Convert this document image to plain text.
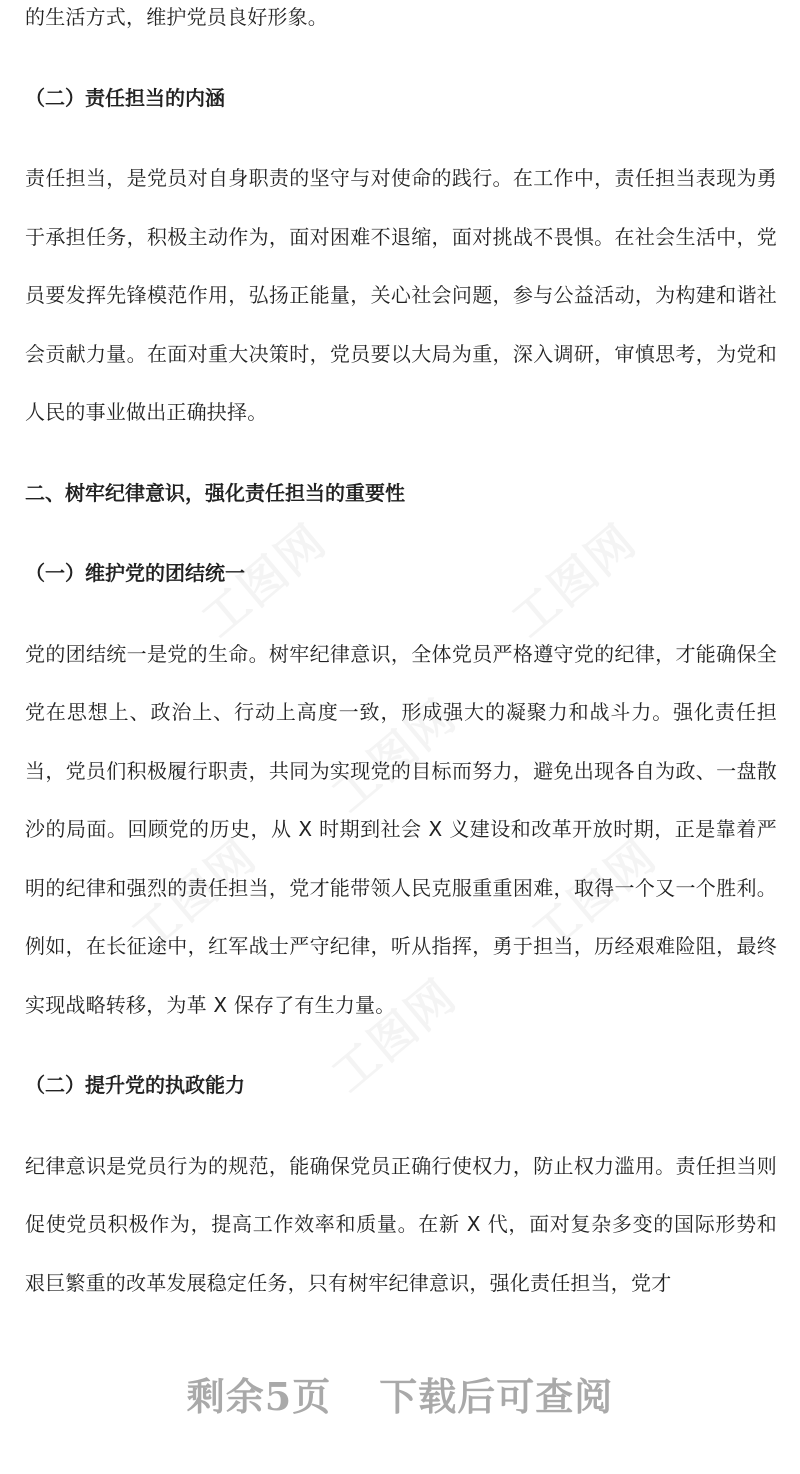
的生活方式，维护党员良好形象。

（二）责任担当的内涵

责任担当，是党员对自身职责的坚守与对使命的践行。在工作中，责任担当表现为勇于承担任务，积极主动作为，面对困难不退缩，面对挑战不畏惧。在社会生活中，党员要发挥先锋模范作用，弘扬正能量，关心社会问题，参与公益活动，为构建和谐社会贡献力量。在面对重大决策时，党员要以大局为重，深入调研，审慎思考，为党和人民的事业做出正确抉择。

二、树牢纪律意识，强化责任担当的重要性
（一）维护党的团结统一

党的团结统一是党的生命。树牢纪律意识，全体党员严格遵守党的纪律，才能确保全党在思想上、政治上、行动上高度一致，形成强大的凝聚力和战斗力。强化责任担当，党员们积极履行职责，共同为实现党的目标而努力，避免出现各自为政、一盘散沙的局面。回顾党的历史，从 X 时期到社会 X 义建设和改革开放时期，正是靠着严明的纪律和强烈的责任担当，党才能带领人民克服重重困难，取得一个又一个胜利。例如，在长征途中，红军战士严守纪律，听从指挥，勇于担当，历经艰难险阻，最终实现战略转移，为革 X 保存了有生力量。

（二）提升党的执政能力

纪律意识是党员行为的规范，能确保党员正确行使权力，防止权力滥用。责任担当则促使党员积极作为，提高工作效率和质量。在新 X 代，面对复杂多变的国际形势和艰巨繁重的改革发展稳定任务，只有树牢纪律意识，强化责任担当，党才

剩余5页 下载后可查阅
